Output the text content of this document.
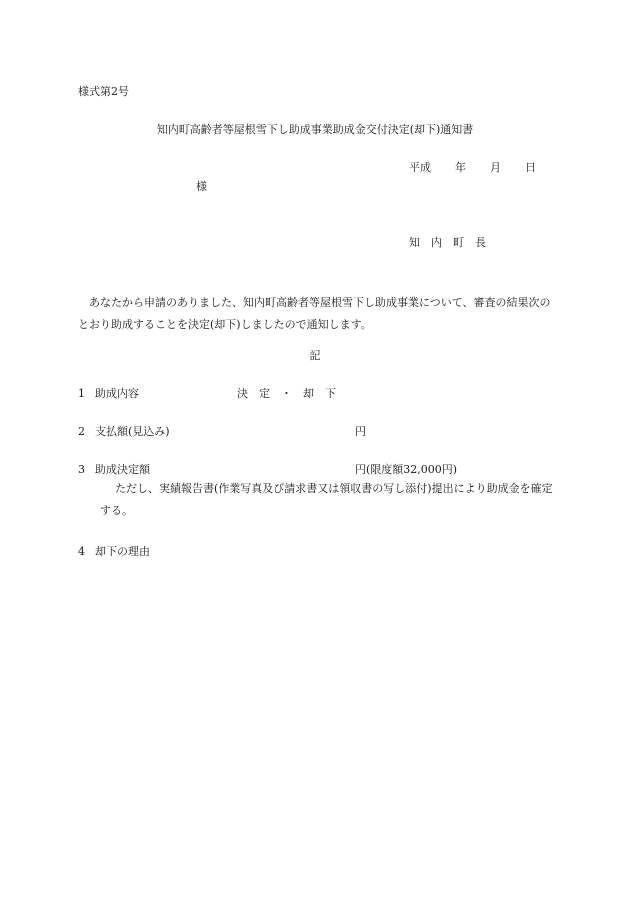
様式第2号
知内町高齢者等屋根雪下し助成事業助成金交付決定(却下)通知書
平成 年 月 日
様
知　内　町　長
あなたから申請のありました、知内町高齢者等屋根雪下し助成事業について、審査の結果次のとおり助成することを決定(却下)しましたので通知します。
記
1 助成内容	決　定　・　却　下
2 支払額(見込み)	円
3 助成決定額	円(限度額32,000円)
ただし、実績報告書(作業写真及び請求書又は領収書の写し添付)提出により助成金を確定する。
4 却下の理由
